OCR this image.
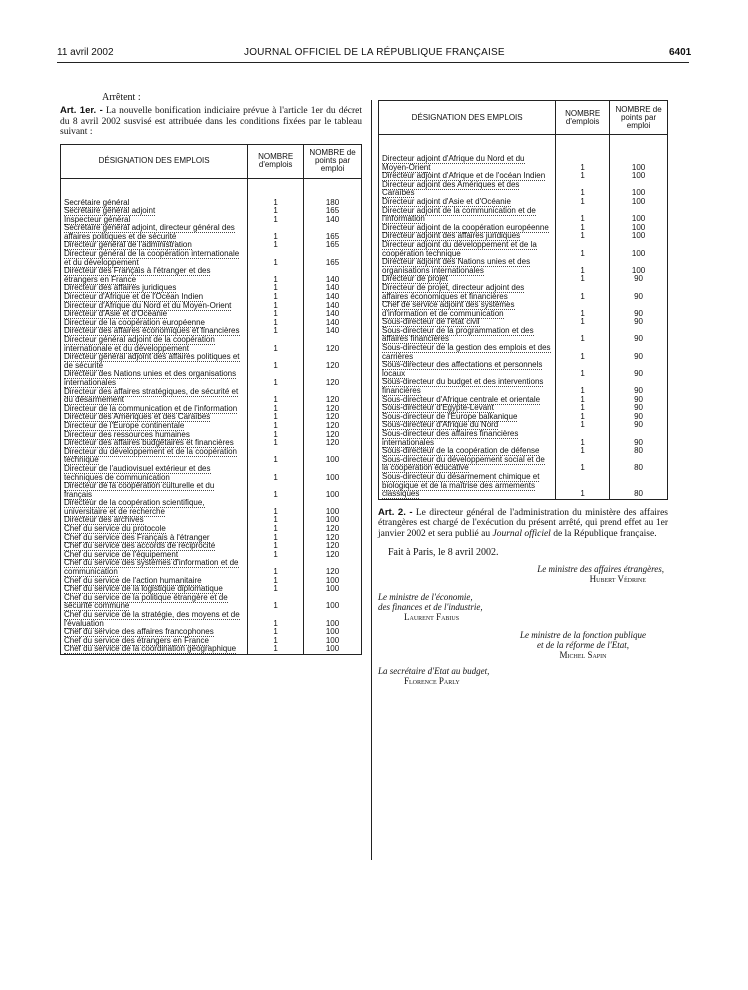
11 avril 2002	JOURNAL OFFICIEL DE LA RÉPUBLIQUE FRANÇAISE	6401
Arrêtent :

Art. 1er. - La nouvelle bonification indiciaire prévue à l'article 1er du décret du 8 avril 2002 susvisé est attribuée dans les conditions fixées par le tableau suivant :

DÉSIGNATION DES EMPLOIS	NOMBRE d'emplois	NOMBRE de points par emploi

Secrétaire général	1	180
Secrétaire général adjoint	1	165
Inspecteur général	1	140
Secrétaire général adjoint, directeur général des affaires politiques et de sécurité	1	165
Directeur général de l'administration	1	165
Directeur général de la coopération internationale et du développement	1	165
Directeur des Français à l'étranger et des étrangers en France	1	140
Directeur des affaires juridiques	1	140
Directeur d'Afrique et de l'Océan Indien	1	140
Directeur d'Afrique du Nord et du Moyen-Orient	1	140
Directeur d'Asie et d'Océanie	1	140
Directeur de la coopération européenne	1	140
Directeur des affaires économiques et financières	1	140
Directeur général adjoint de la coopération internationale et du développement	1	120
Directeur général adjoint des affaires politiques et de sécurité	1	120
Directeur des Nations unies et des organisations internationales	1	120
Directeur des affaires stratégiques, de sécurité et du désarmement	1	120
Directeur de la communication et de l'information	1	120
Directeur des Amériques et des Caraïbes	1	120
Directeur de l'Europe continentale	1	120
Directeur des ressources humaines	1	120
Directeur des affaires budgétaires et financières	1	120
Directeur du développement et de la coopération technique	1	100
Directeur de l'audiovisuel extérieur et des techniques de communication	1	100
Directeur de la coopération culturelle et du français	1	100
Directeur de la coopération scientifique, universitaire et de recherche	1	100
Directeur des archives	1	100
Chef du service du protocole	1	120
Chef du service des Français à l'étranger	1	120
Chef du service des accords de réciprocité	1	120
Chef du service de l'équipement	1	120
Chef du service des systèmes d'information et de communication	1	120
Chef du service de l'action humanitaire	1	100
Chef du service de la logistique diplomatique	1	100
Chef du service de la politique étrangère et de sécurité commune	1	100
Chef du service de la stratégie, des moyens et de l'évaluation	1	100
Chef du service des affaires francophones	1	100
Chef du service des étrangers en France	1	100
Chef du service de la coordination géographique	1	100
DÉSIGNATION DES EMPLOIS	NOMBRE d'emplois	NOMBRE de points par emploi

Directeur adjoint d'Afrique du Nord et du Moyen-Orient	1	100
Directeur adjoint d'Afrique et de l'océan Indien	1	100
Directeur adjoint des Amériques et des Caraïbes	1	100
Directeur adjoint d'Asie et d'Océanie	1	100
Directeur adjoint de la communication et de l'information	1	100
Directeur adjoint de la coopération européenne	1	100
Directeur adjoint des affaires juridiques	1	100
Directeur adjoint du développement et de la coopération technique	1	100
Directeur adjoint des Nations unies et des organisations internationales	1	100
Directeur de projet	1	90
Directeur de projet, directeur adjoint des affaires économiques et financières	1	90
Chef de service adjoint des systèmes d'information et de communication	1	90
Sous-directeur de l'état civil	1	90
Sous-directeur de la programmation et des affaires financières	1	90
Sous-directeur de la gestion des emplois et des carrières	1	90
Sous-directeur des affectations et personnels locaux	1	90
Sous-directeur du budget et des interventions financières	1	90
Sous-directeur d'Afrique centrale et orientale	1	90
Sous-directeur d'Egypte-Levant	1	90
Sous-directeur de l'Europe balkanique	1	90
Sous-directeur d'Afrique du Nord	1	90
Sous-directeur des affaires financières internationales	1	90
Sous-directeur de la coopération de défense	1	80
Sous-directeur du développement social et de la coopération éducative	1	80
Sous-directeur du désarmement chimique et biologique et de la maîtrise des armements classiques	1	80

Art. 2. - Le directeur général de l'administration du ministère des affaires étrangères est chargé de l'exécution du présent arrêté, qui prend effet au 1er janvier 2002 et sera publié au Journal officiel de la République française.

Fait à Paris, le 8 avril 2002.
Le ministre des affaires étrangères,
Hubert Védrine
Le ministre de l'économie,
des finances et de l'industrie,
Laurent Fabius
Le ministre de la fonction publique
et de la réforme de l'Etat,
Michel Sapin
La secrétaire d'Etat au budget,
Florence Parly
